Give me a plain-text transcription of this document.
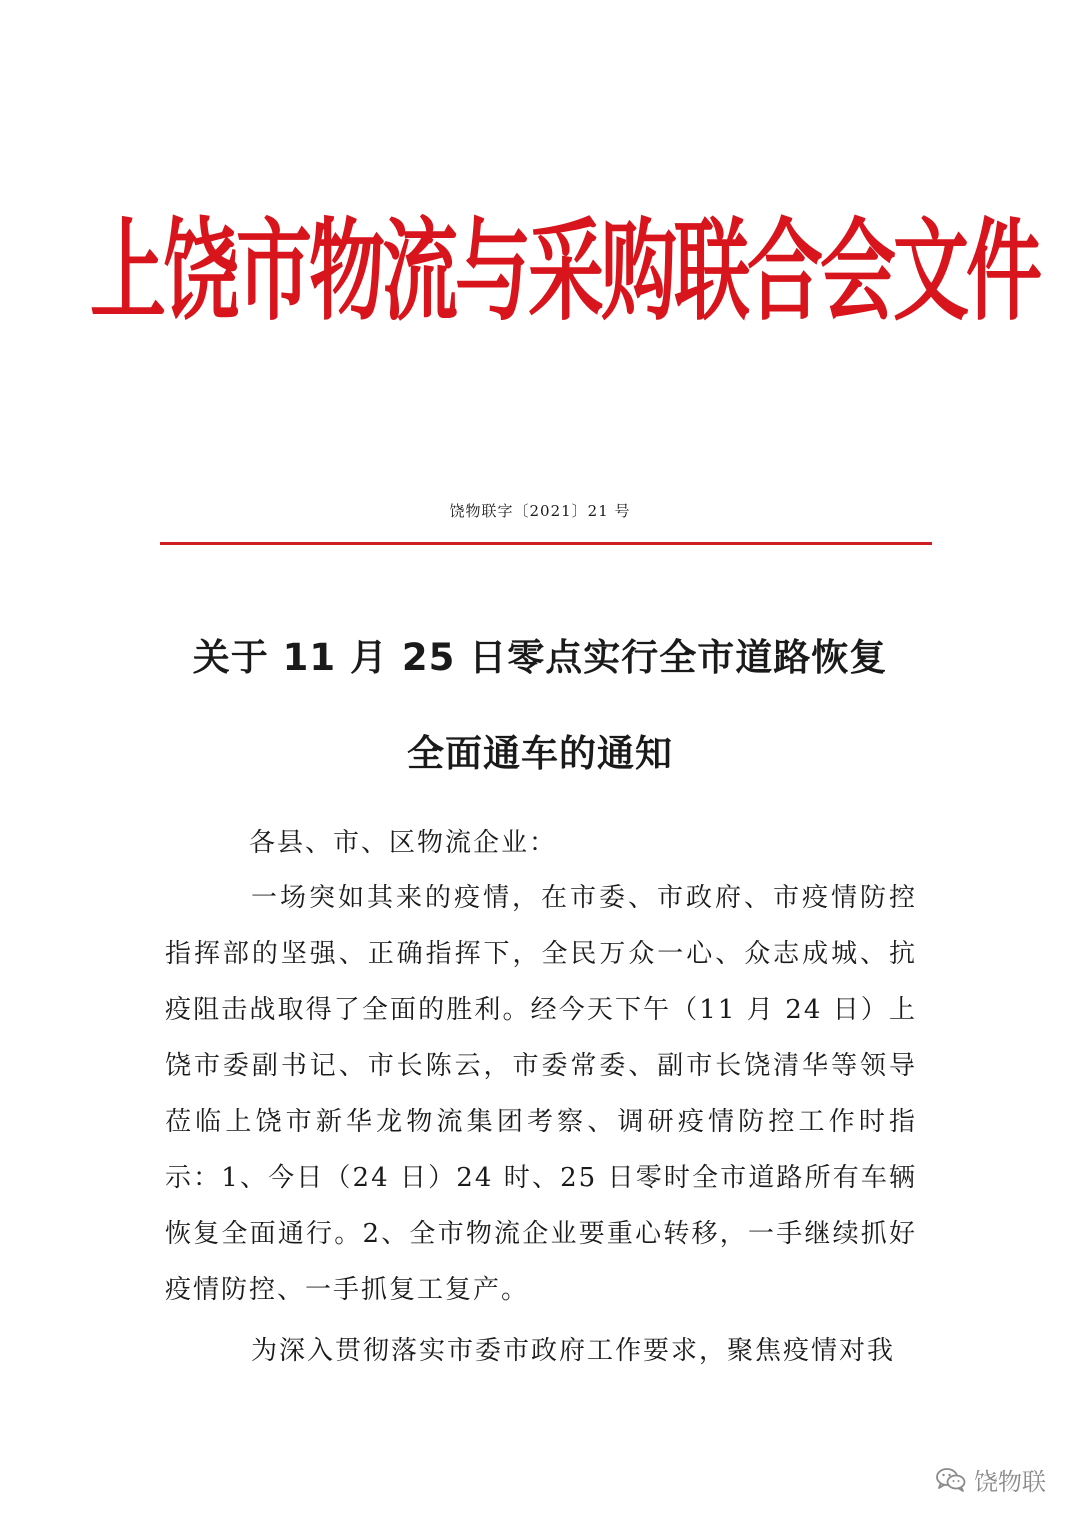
上饶市物流与采购联合会文件
饶物联字〔2021〕21 号
关于 11 月 25 日零点实行全市道路恢复
全面通车的通知

各县、市、区物流企业：

一场突如其来的疫情，在市委、市政府、市疫情防控指挥部的坚强、正确指挥下，全民万众一心、众志成城、抗疫阻击战取得了全面的胜利。经今天下午（11 月 24 日）上饶市委副书记、市长陈云，市委常委、副市长饶清华等领导莅临上饶市新华龙物流集团考察、调研疫情防控工作时指示：1、今日（24 日）24 时、25 日零时全市道路所有车辆恢复全面通行。2、全市物流企业要重心转移，一手继续抓好疫情防控、一手抓复工复产。

为深入贯彻落实市委市政府工作要求，聚焦疫情对我

饶物联
